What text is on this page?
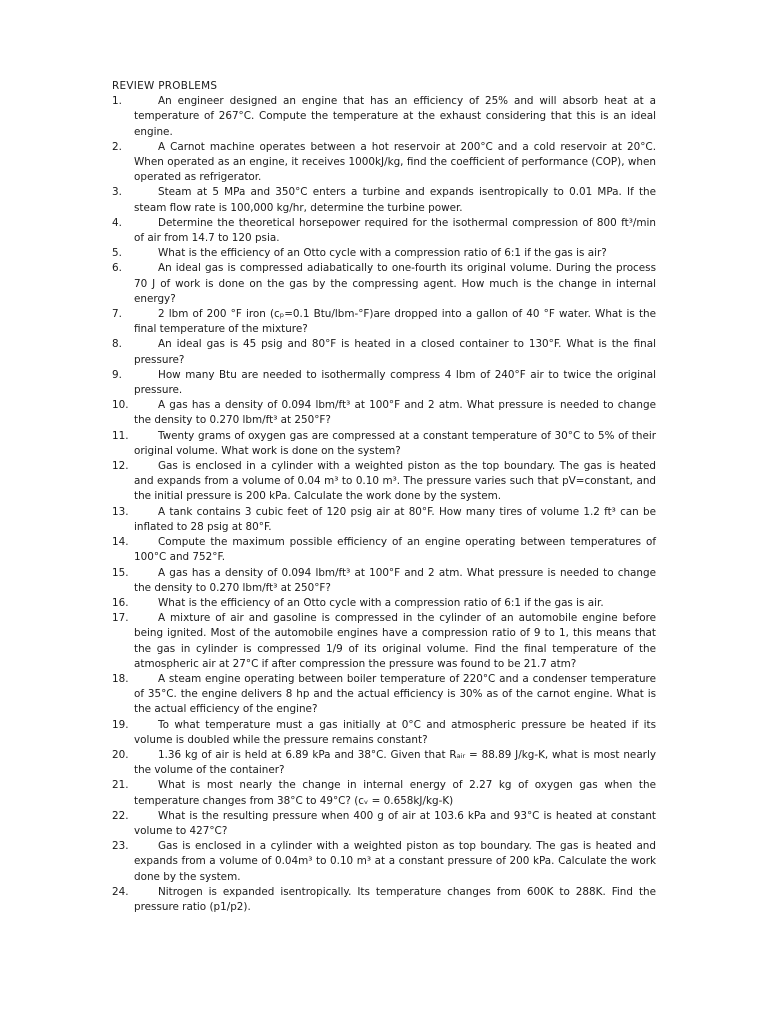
REVIEW PROBLEMS
1.	An engineer designed an engine that has an efficiency of 25% and will absorb heat at a temperature of 267°C. Compute the temperature at the exhaust considering that this is an ideal engine.
2.	A Carnot machine operates between a hot reservoir at 200°C and a cold reservoir at 20°C. When operated as an engine, it receives 1000kJ/kg, find the coefficient of performance (COP), when operated as refrigerator.
3.	Steam at 5 MPa and 350°C enters a turbine and expands isentropically to 0.01 MPa. If the steam flow rate is 100,000 kg/hr, determine the turbine power.
4.	Determine the theoretical horsepower required for the isothermal compression of 800 ft³/min of air from 14.7 to 120 psia.
5.	What is the efficiency of an Otto cycle with a compression ratio of 6:1 if the gas is air?
6.	An ideal gas is compressed adiabatically to one-fourth its original volume. During the process 70 J of work is done on the gas by the compressing agent. How much is the change in internal energy?
7.	2 lbm of 200 °F iron (cₚ=0.1 Btu/lbm-°F)are dropped into a gallon of 40 °F water. What is the final temperature of the mixture?
8.	An ideal gas is 45 psig and 80°F is heated in a closed container to 130°F. What is the final pressure?
9.	How many Btu are needed to isothermally compress 4 lbm of 240°F air to twice the original pressure.
10.	A gas has a density of 0.094 lbm/ft³ at 100°F and 2 atm. What pressure is needed to change the density to 0.270 lbm/ft³ at 250°F?
11.	Twenty grams of oxygen gas are compressed at a constant temperature of 30°C to 5% of their original volume. What work is done on the system?
12.	Gas is enclosed in a cylinder with a weighted piston as the top boundary. The gas is heated and expands from a volume of 0.04 m³ to 0.10 m³. The pressure varies such that pV=constant, and the initial pressure is 200 kPa. Calculate the work done by the system.
13.	A tank contains 3 cubic feet of 120 psig air at 80°F. How many tires of volume 1.2 ft³ can be inflated to 28 psig at 80°F.
14.	Compute the maximum possible efficiency of an engine operating between temperatures of 100°C and 752°F.
15.	A gas has a density of 0.094 lbm/ft³ at 100°F and 2 atm. What pressure is needed to change the density to 0.270 lbm/ft³ at 250°F?
16.	What is the efficiency of an Otto cycle with a compression ratio of 6:1 if the gas is air.
17.	A mixture of air and gasoline is compressed in the cylinder of an automobile engine before being ignited. Most of the automobile engines have a compression ratio of 9 to 1, this means that the gas in cylinder is compressed 1/9 of its original volume. Find the final temperature of the atmospheric air at 27°C if after compression the pressure was found to be 21.7 atm?
18.	A steam engine operating between boiler temperature of 220°C and a condenser temperature of 35°C. the engine delivers 8 hp and the actual efficiency is 30% as of the carnot engine. What is the actual efficiency of the engine?
19.	To what temperature must a gas initially at 0°C and atmospheric pressure be heated if its volume is doubled while the pressure remains constant?
20.	1.36 kg of air is held at 6.89 kPa and 38°C. Given that Rₐᵢᵣ = 88.89 J/kg-K, what is most nearly the volume of the container?
21.	What is most nearly the change in internal energy of 2.27 kg of oxygen gas when the temperature changes from 38°C to 49°C? (cᵥ = 0.658kJ/kg-K)
22.	What is the resulting pressure when 400 g of air at 103.6 kPa and 93°C is heated at constant volume to 427°C?
23.	Gas is enclosed in a cylinder with a weighted piston as top boundary. The gas is heated and expands from a volume of 0.04m³ to 0.10 m³ at a constant pressure of 200 kPa. Calculate the work done by the system.
24.	Nitrogen is expanded isentropically. Its temperature changes from 600K to 288K. Find the pressure ratio (p1/p2).
